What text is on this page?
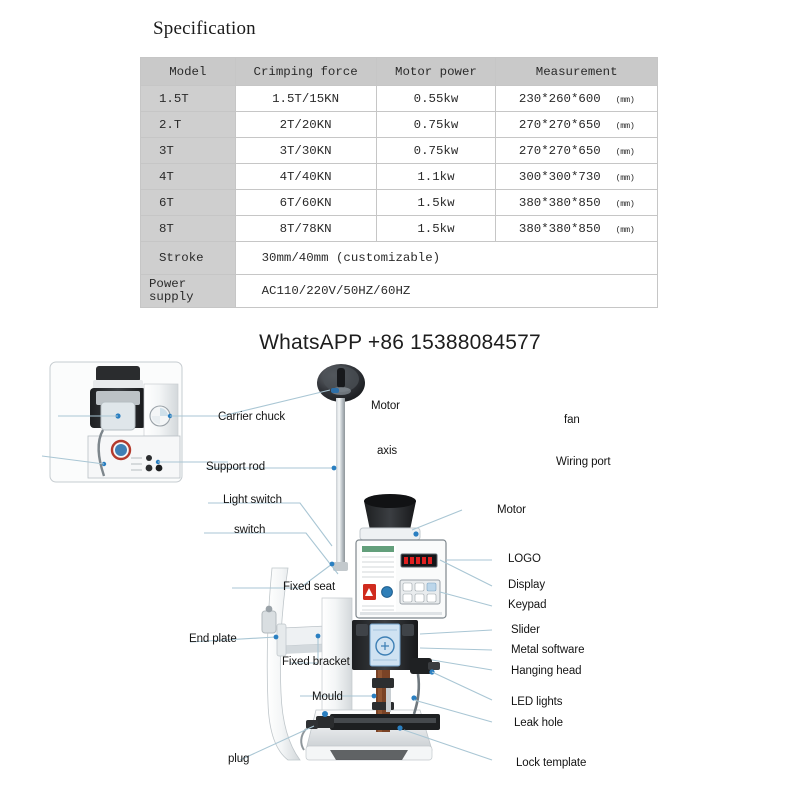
Specification
Model	Crimping force	Motor power	Measurement
1.5T	1.5T/15KN	0.55kw	230*260*600 (mm)
2.T	2T/20KN	0.75kw	270*270*650 (mm)
3T	3T/30KN	0.75kw	270*270*650 (mm)
4T	4T/40KN	1.1kw	300*300*730 (mm)
6T	6T/60KN	1.5kw	380*380*850 (mm)
8T	8T/78KN	1.5kw	380*380*850 (mm)
Stroke	30mm/40mm (customizable)		
Power
supply	AC110/220V/50HZ/60HZ		
WhatsAPP +86 15388084577
Carrier chuck
Support rod
Light switch
switch
Fixed seat
End plate
Fixed bracket
Mould
plug
Motor
axis
fan
Wiring port
Motor
LOGO
Display
Keypad
Slider
Metal software
Hanging head
LED lights
Leak hole
Lock template
